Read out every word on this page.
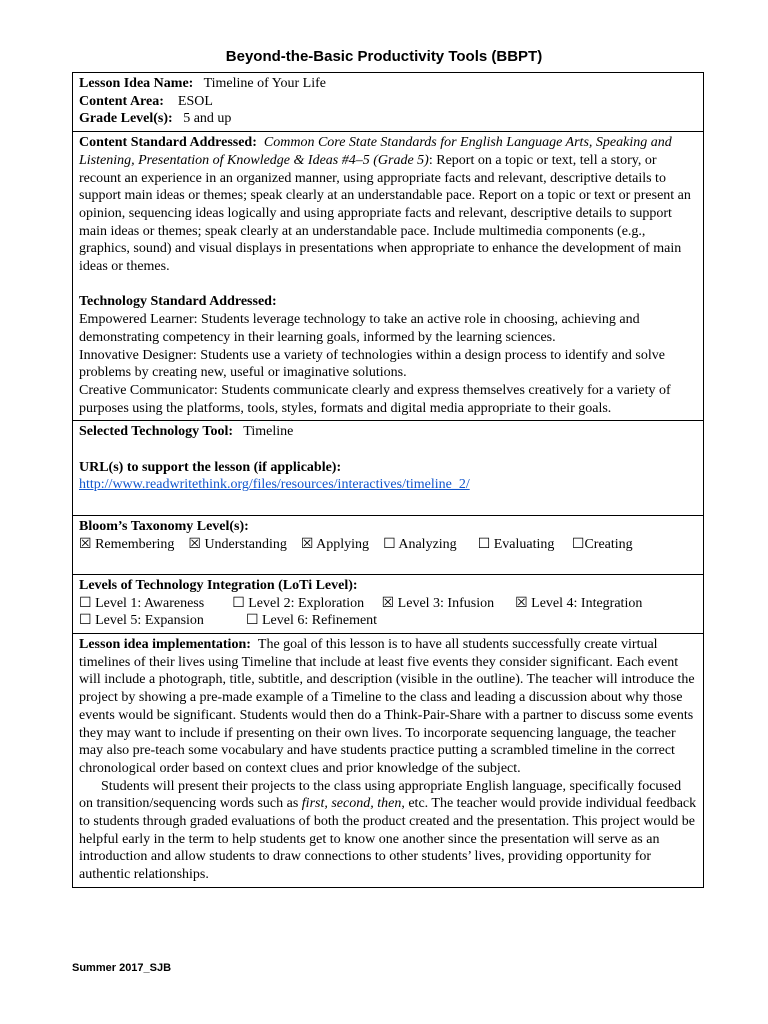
Beyond-the-Basic Productivity Tools (BBPT)
Lesson Idea Name: Timeline of Your Life
Content Area: ESOL
Grade Level(s): 5 and up
Content Standard Addressed: Common Core State Standards for English Language Arts, Speaking and Listening, Presentation of Knowledge & Ideas #4–5 (Grade 5): Report on a topic or text, tell a story, or recount an experience in an organized manner, using appropriate facts and relevant, descriptive details to support main ideas or themes; speak clearly at an understandable pace. Report on a topic or text or present an opinion, sequencing ideas logically and using appropriate facts and relevant, descriptive details to support main ideas or themes; speak clearly at an understandable pace. Include multimedia components (e.g., graphics, sound) and visual displays in presentations when appropriate to enhance the development of main ideas or themes.
Technology Standard Addressed:
Empowered Learner: Students leverage technology to take an active role in choosing, achieving and demonstrating competency in their learning goals, informed by the learning sciences.
Innovative Designer: Students use a variety of technologies within a design process to identify and solve problems by creating new, useful or imaginative solutions.
Creative Communicator: Students communicate clearly and express themselves creatively for a variety of purposes using the platforms, tools, styles, formats and digital media appropriate to their goals.
Selected Technology Tool: Timeline
URL(s) to support the lesson (if applicable):
http://www.readwritethink.org/files/resources/interactives/timeline_2/
Bloom’s Taxonomy Level(s):
☒ Remembering ☒ Understanding ☒ Applying ☐ Analyzing ☐ Evaluating ☐Creating
Levels of Technology Integration (LoTi Level):
☐ Level 1: Awareness ☐ Level 2: Exploration ☒ Level 3: Infusion ☒ Level 4: Integration
☐ Level 5: Expansion	☐ Level 6: Refinement
Lesson idea implementation: The goal of this lesson is to have all students successfully create virtual timelines of their lives using Timeline that include at least five events they consider significant. Each event will include a photograph, title, subtitle, and description (visible in the outline). The teacher will introduce the project by showing a pre-made example of a Timeline to the class and leading a discussion about why those events would be significant. Students would then do a Think-Pair-Share with a partner to discuss some events they may want to include if presenting on their own lives. To incorporate sequencing language, the teacher may also pre-teach some vocabulary and have students practice putting a scrambled timeline in the correct chronological order based on context clues and prior knowledge of the subject.
Students will present their projects to the class using appropriate English language, specifically focused on transition/sequencing words such as first, second, then, etc. The teacher would provide individual feedback to students through graded evaluations of both the product created and the presentation. This project would be helpful early in the term to help students get to know one another since the presentation will serve as an introduction and allow students to draw connections to other students’ lives, providing opportunity for authentic relationships.
Summer 2017_SJB
